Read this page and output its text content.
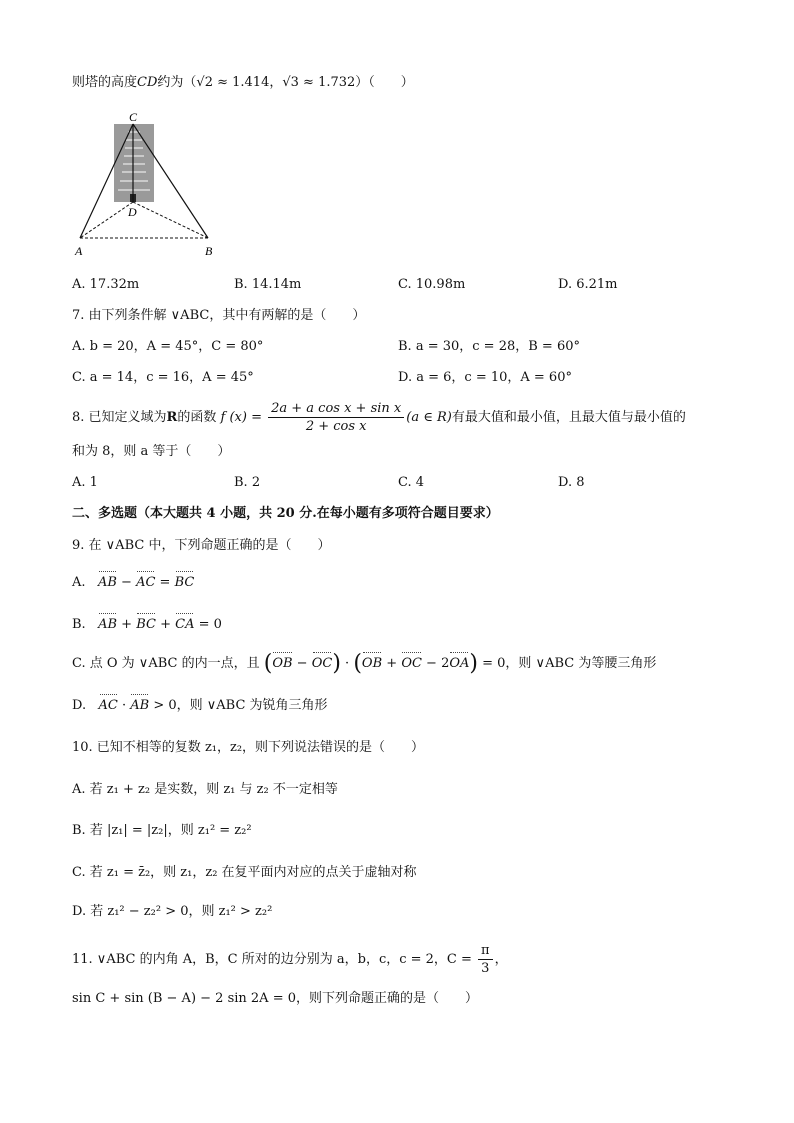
则塔的高度CD约为（√2 ≈ 1.414，√3 ≈ 1.732）（　　）
C
D
A	B
A. 17.32m	B. 14.14m	C. 10.98m	D. 6.21m
7. 由下列条件解 ∨ABC，其中有两解的是（　　）
A. b = 20，A = 45°，C = 80°	B. a = 30，c = 28，B = 60°
C. a = 14，c = 16，A = 45°	D. a = 6，c = 10，A = 60°
8. 已知定义域为R的函数 f $(x) = \frac{\text{2a + a cos x + sin x}}{\text{2 + cos x}} (a$ ∈ R)有最大值和最小值，且最大值与最小值的
和为 8，则 a 等于（　　）
A. 1	B. 2	C. 4	D. 8
二、多选题（本大题共 4 小题，共 20 分.在每小题有多项符合题目要求）
9. 在 ∨ABC 中，下列命题正确的是（　　）
A. AB − AC = BC
B. AB + BC + CA = 0
C. 点 O 为 ∨ABC 的内一点，且 (OB − OC) · (OB + OC − 2OA) = 0，则 ∨ABC 为等腰三角形
D. AC · AB > 0，则 ∨ABC 为锐角三角形
10. 已知不相等的复数 z₁，z₂，则下列说法错误的是（　　）
A. 若 z₁ + z₂ 是实数，则 z₁ 与 z₂ 不一定相等
B. 若 |z₁| = |z₂|，则 z₁² = z₂²
C. 若 z₁ = z̄₂，则 z₁，z₂ 在复平面内对应的点关于虚轴对称
D. 若 z₁² − z₂² > 0，则 z₁² > z₂²
11. ∨ABC 的内角 A，B，C 所对的边分别为 a，b，c，c = 2，$C = \frac{\pi}{3}$ ，
sin C + sin (B − A) − 2 sin 2A = 0，则下列命题正确的是（　　）
